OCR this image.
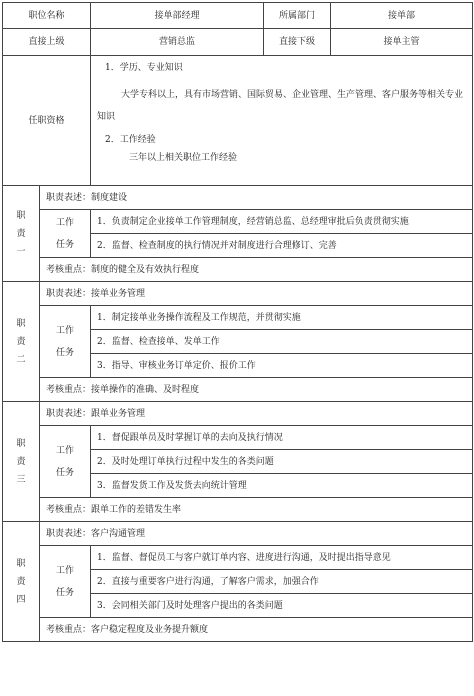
职位名称		接单部经理	所属部门	接单部
直接上级		营销总监	直接下级	接单主管
任职资格		1．学历、专业知识
大学专科以上，具有市场营销、国际贸易、企业管理、生产管理、客户服务等相关专业知识
2．工作经验
三年以上相关职位工作经验		

职
责
一	职责表述：制度建设			

	工作
任务	1．负责制定企业接单工作管理制度，经营销总监、总经理审批后负责贯彻实施		
		2．监督、检查制度的执行情况并对制度进行合理修订、完善		
	考核重点：制度的健全及有效执行程度			

职
责
二	职责表述：接单业务管理			

	工作
任务	1．制定接单业务操作流程及工作规范，并贯彻实施		
		2．监督、检查接单、发单工作		
		3．指导、审核业务订单定价、报价工作		
	考核重点：接单操作的准确、及时程度			

职
责
三	职责表述：跟单业务管理			

	工作
任务	1．督促跟单员及时掌握订单的去向及执行情况		
		2．及时处理订单执行过程中发生的各类问题		
		3．监督发货工作及发货去向统计管理		
	考核重点：跟单工作的差错发生率			

职
责
四	职责表述：客户沟通管理			

	工作
任务	1．监督、督促员工与客户就订单内容、进度进行沟通，及时提出指导意见		
		2．直接与重要客户进行沟通，了解客户需求，加强合作		
		3．会同相关部门及时处理客户提出的各类问题		
	考核重点：客户稳定程度及业务提升额度			
